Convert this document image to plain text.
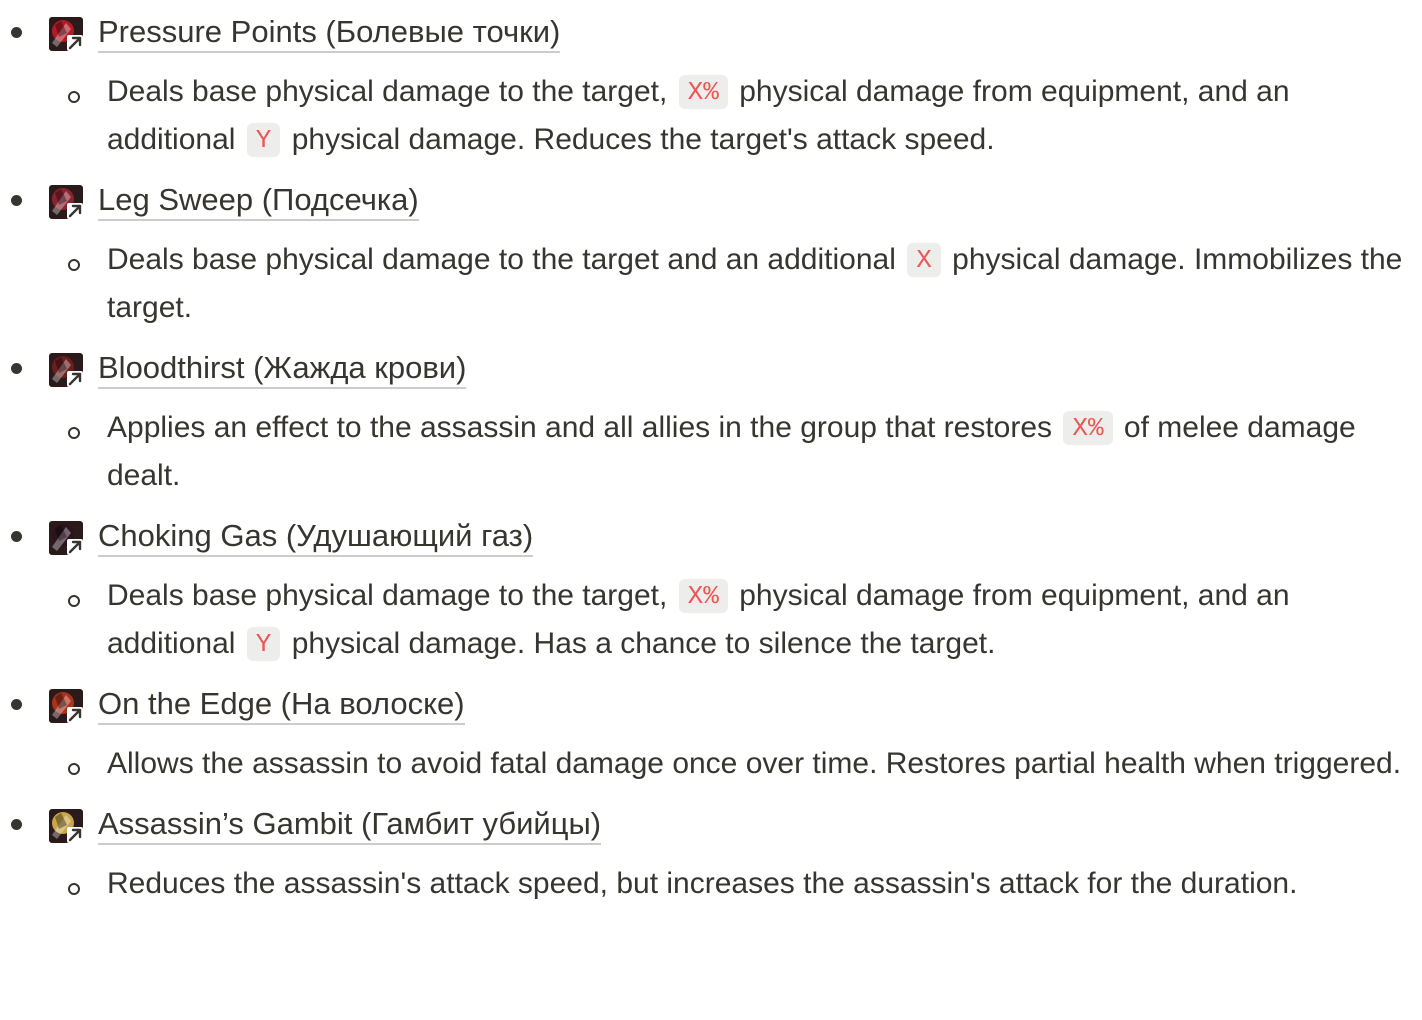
Pressure Points (Болевые точки)

Deals base physical damage to the target, X% physical damage from equipment, and an additional Y physical damage. Reduces the target's attack speed.

Leg Sweep (Подсечка)

Deals base physical damage to the target and an additional X physical damage. Immobilizes the target.

Bloodthirst (Жажда крови)

Applies an effect to the assassin and all allies in the group that restores X% of melee damage dealt.

Choking Gas (Удушающий газ)

Deals base physical damage to the target, X% physical damage from equipment, and an additional Y physical damage. Has a chance to silence the target.

On the Edge (На волоске)

Allows the assassin to avoid fatal damage once over time. Restores partial health when triggered.

Assassin’s Gambit (Гамбит убийцы)

Reduces the assassin's attack speed, but increases the assassin's attack for the duration.
